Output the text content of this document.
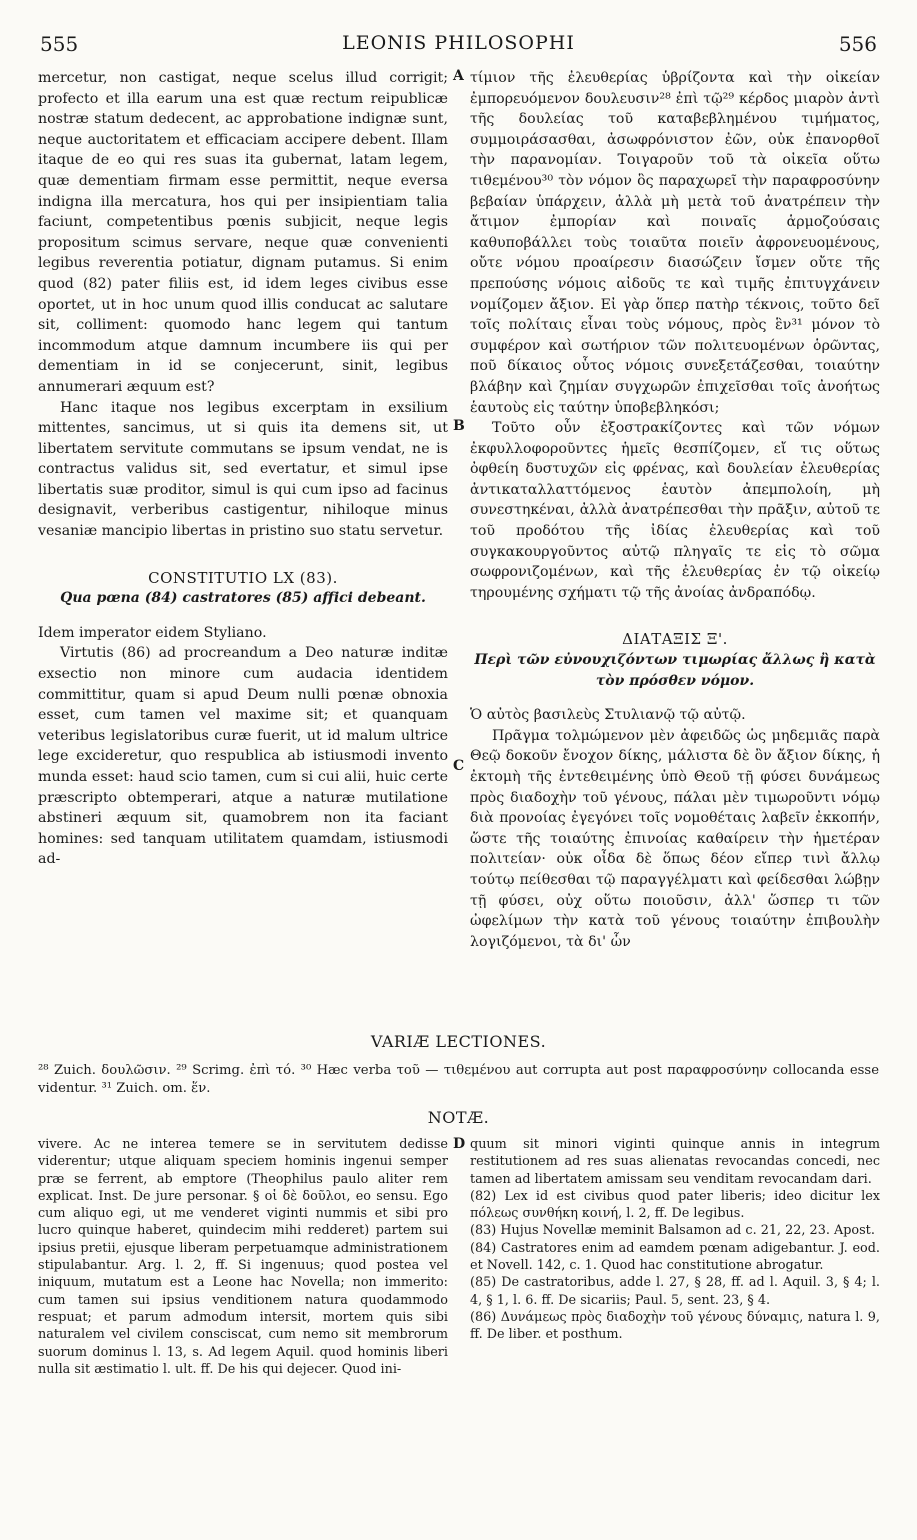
555	LEONIS PHILOSOPHI	556
A
B
C
D

mercetur, non castigat, neque scelus illud corrigit; profecto et illa earum una est quæ rectum reipublicæ nostræ statum dedecent, ac approbatione indignæ sunt, neque auctoritatem et efficaciam accipere debent. Illam itaque de eo qui res suas ita gubernat, latam legem, quæ dementiam firmam esse permittit, neque eversa indigna illa mercatura, hos qui per insipientiam talia faciunt, competentibus pœnis subjicit, neque legis propositum scimus servare, neque quæ convenienti legibus reverentia potiatur, dignam putamus. Si enim quod (82) pater filiis est, id idem leges civibus esse oportet, ut in hoc unum quod illis conducat ac salutare sit, colliment: quomodo hanc legem qui tantum incommodum atque damnum incumbere iis qui per dementiam in id se conjecerunt, sinit, legibus annumerari æquum est?

Hanc itaque nos legibus excerptam in exsilium mittentes, sancimus, ut si quis ita demens sit, ut libertatem servitute commutans se ipsum vendat, ne is contractus validus sit, sed evertatur, et simul ipse libertatis suæ proditor, simul is qui cum ipso ad facinus designavit, verberibus castigentur, nihiloque minus vesaniæ mancipio libertas in pristino suo statu servetur.

CONSTITUTIO LX (83).

Qua pœna (84) castratores (85) affici debeant.

Idem imperator eidem Styliano.

Virtutis (86) ad procreandum a Deo naturæ inditæ exsectio non minore cum audacia identidem committitur, quam si apud Deum nulli pœnæ obnoxia esset, cum tamen vel maxime sit; et quanquam veteribus legislatoribus curæ fuerit, ut id malum ultrice lege excideretur, quo respublica ab istiusmodi invento munda esset: haud scio tamen, cum si cui alii, huic certe præscripto obtemperari, atque a naturæ mutilatione abstineri æquum sit, quamobrem non ita faciant homines: sed tanquam utilitatem quamdam, istiusmodi ad-

τίμιον τῆς ἐλευθερίας ὑβρίζοντα καὶ τὴν οἰκείαν ἐμπορευόμενον δουλευσιν²⁸ ἐπὶ τῷ²⁹ κέρδος μιαρὸν ἀντὶ τῆς δουλείας τοῦ καταβεβλημένου τιμήματος, συμμοιράσασθαι, ἀσωφρόνιστον ἐῶν, οὐκ ἐπανορθοῖ τὴν παρανομίαν. Τοιγαροῦν τοῦ τὰ οἰκεῖα οὕτω τιθεμένου³⁰ τὸν νόμον ὃς παραχωρεῖ τὴν παραφροσύνην βεβαίαν ὑπάρχειν, ἀλλὰ μὴ μετὰ τοῦ ἀνατρέπειν τὴν ἄτιμον ἐμπορίαν καὶ ποιναῖς ἁρμοζούσαις καθυποβάλλει τοὺς τοιαῦτα ποιεῖν ἀφρονευομένους, οὔτε νόμου προαίρεσιν διασώζειν ἴσμεν οὔτε τῆς πρεπούσης νόμοις αἰδοῦς τε καὶ τιμῆς ἐπιτυγχάνειν νομίζομεν ἄξιον. Εἰ γὰρ ὅπερ πατὴρ τέκνοις, τοῦτο δεῖ τοῖς πολίταις εἶναι τοὺς νόμους, πρὸς ἓν³¹ μόνον τὸ συμφέρον καὶ σωτήριον τῶν πολιτευομένων ὁρῶντας, ποῦ δίκαιος οὗτος νόμοις συνεξετάζεσθαι, τοιαύτην βλάβην καὶ ζημίαν συγχωρῶν ἐπιχεῖσθαι τοῖς ἀνοήτως ἑαυτοὺς εἰς ταύτην ὑποβεβληκόσι;

Τοῦτο οὖν ἐξοστρακίζοντες καὶ τῶν νόμων ἐκφυλλοφοροῦντες ἡμεῖς θεσπίζομεν, εἴ τις οὕτως ὀφθείη δυστυχῶν εἰς φρένας, καὶ δουλείαν ἐλευθερίας ἀντικαταλλαττόμενος ἑαυτὸν ἀπεμπολοίη, μὴ συνεστηκέναι, ἀλλὰ ἀνατρέπεσθαι τὴν πρᾶξιν, αὐτοῦ τε τοῦ προδότου τῆς ἰδίας ἐλευθερίας καὶ τοῦ συγκακουργοῦντος αὐτῷ πληγαῖς τε εἰς τὸ σῶμα σωφρονιζομένων, καὶ τῆς ἐλευθερίας ἐν τῷ οἰκείῳ τηρουμένης σχήματι τῷ τῆς ἀνοίας ἀνδραπόδῳ.

ΔΙΑΤΑΞΙΣ Ξ'.

Περὶ τῶν εὐνουχιζόντων τιμωρίας ἄλλως ἢ κατὰ τὸν πρόσθεν νόμον.

Ὁ αὐτὸς βασιλεὺς Στυλιανῷ τῷ αὐτῷ.

Πρᾶγμα τολμώμενον μὲν ἀφειδῶς ὡς μηδεμιᾶς παρὰ Θεῷ δοκοῦν ἔνοχον δίκης, μάλιστα δὲ ὂν ἄξιον δίκης, ἡ ἐκτομὴ τῆς ἐντεθειμένης ὑπὸ Θεοῦ τῇ φύσει δυνάμεως πρὸς διαδοχὴν τοῦ γένους, πάλαι μὲν τιμωροῦντι νόμῳ διὰ προνοίας ἐγεγόνει τοῖς νομοθέταις λαβεῖν ἐκκοπήν, ὥστε τῆς τοιαύτης ἐπινοίας καθαίρειν τὴν ἡμετέραν πολιτείαν· οὐκ οἶδα δὲ ὅπως δέον εἴπερ τινὶ ἄλλῳ τούτῳ πείθεσθαι τῷ παραγγέλματι καὶ φείδεσθαι λώβῃν τῇ φύσει, οὐχ οὕτω ποιοῦσιν, ἀλλ' ὥσπερ τι τῶν ὠφελίμων τὴν κατὰ τοῦ γένους τοιαύτην ἐπιβουλὴν λογιζόμενοι, τὰ δι' ὧν

VARIÆ LECTIONES.
²⁸ Zuich. δουλῶσιν. ²⁹ Scrimg. ἐπὶ τό. ³⁰ Hæc verba τοῦ — τιθεμένου aut corrupta aut post παραφροσύνην collocanda esse videntur. ³¹ Zuich. om. ἕν.
NOTÆ.

vivere. Ac ne interea temere se in servitutem dedisse viderentur; utque aliquam speciem hominis ingenui semper præ se ferrent, ab emptore (Theophilus paulo aliter rem explicat. Inst. De jure personar. § οἱ δὲ δοῦλοι, eo sensu. Ego cum aliquo egi, ut me venderet viginti nummis et sibi pro lucro quinque haberet, quindecim mihi redderet) partem sui ipsius pretii, ejusque liberam perpetuamque administrationem stipulabantur. Arg. l. 2, ff. Si ingenuus; quod postea vel iniquum, mutatum est a Leone hac Novella; non immerito: cum tamen sui ipsius venditionem natura quodammodo respuat; et parum admodum intersit, mortem quis sibi naturalem vel civilem consciscat, cum nemo sit membrorum suorum dominus l. 13, s. Ad legem Aquil. quod hominis liberi nulla sit æstimatio l. ult. ff. De his qui dejecer. Quod ini-

quum sit minori viginti quinque annis in integrum restitutionem ad res suas alienatas revocandas concedi, nec tamen ad libertatem amissam seu venditam revocandam dari.

(82) Lex id est civibus quod pater liberis; ideo dicitur lex πόλεως συνθήκη κοινή, l. 2, ff. De legibus.

(83) Hujus Novellæ meminit Balsamon ad c. 21, 22, 23. Apost.

(84) Castratores enim ad eamdem pœnam adigebantur. J. eod. et Novell. 142, c. 1. Quod hac constitutione abrogatur.

(85) De castratoribus, adde l. 27, § 28, ff. ad l. Aquil. 3, § 4; l. 4, § 1, l. 6. ff. De sicariis; Paul. 5, sent. 23, § 4.

(86) Δυνάμεως πρὸς διαδοχὴν τοῦ γένους δύναμις, natura l. 9, ff. De liber. et posthum.
